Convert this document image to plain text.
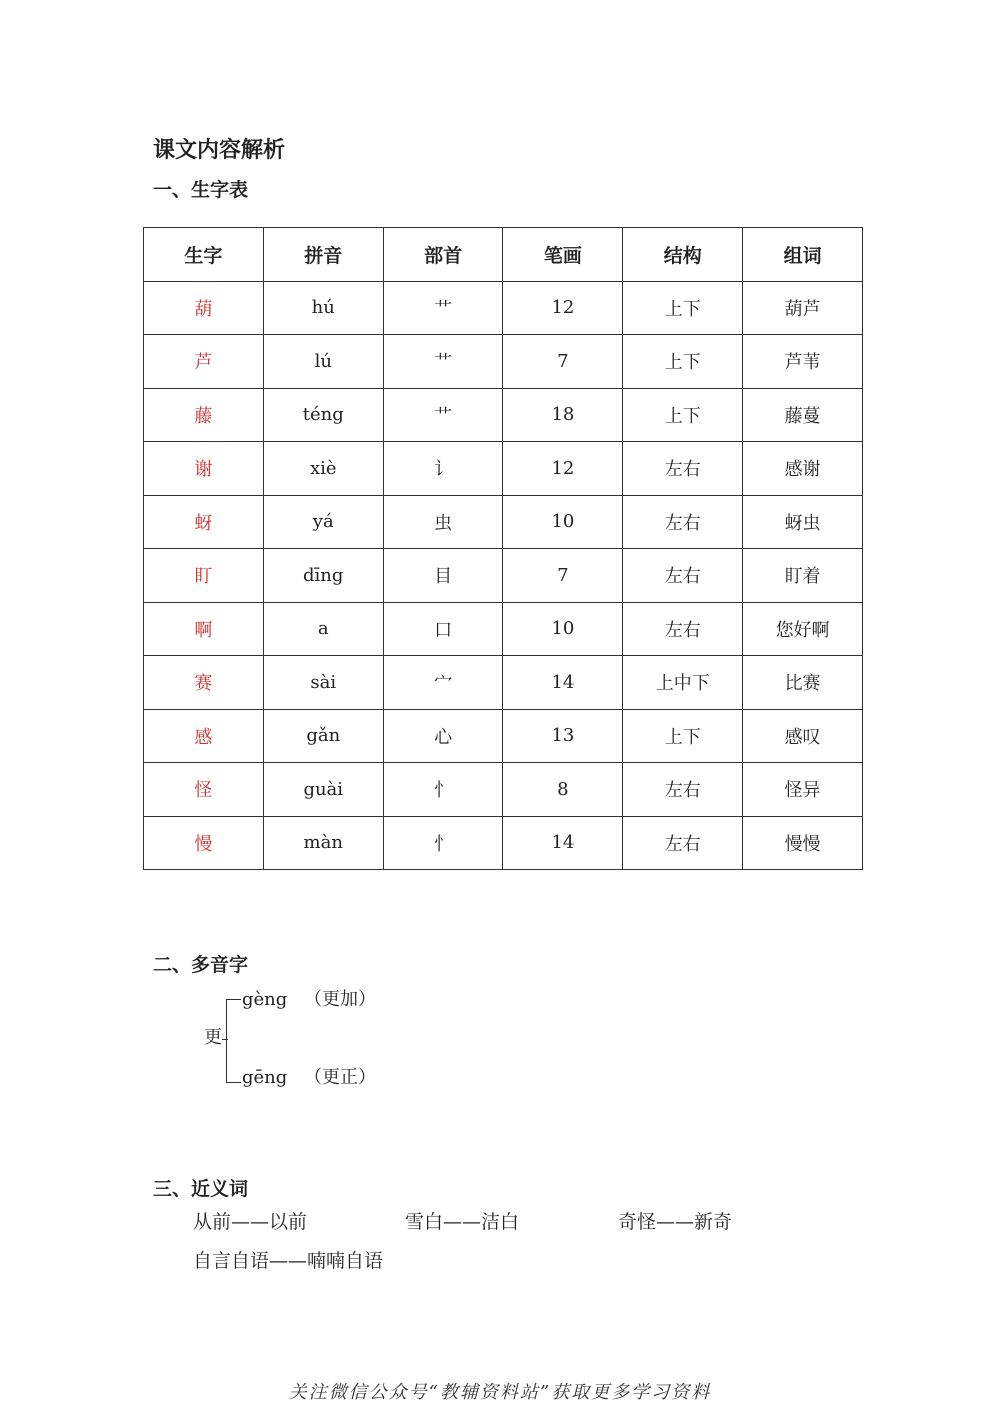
课文内容解析
一、生字表
生字	拼音	部首	笔画	结构	组词
葫	hú	艹	12	上下	葫芦
芦	lú	艹	7	上下	芦苇
藤	téng	艹	18	上下	藤蔓
谢	xiè	讠	12	左右	感谢
蚜	yá	虫	10	左右	蚜虫
盯	dīng	目	7	左右	盯着
啊	a	口	10	左右	您好啊
赛	sài	宀	14	上中下	比赛
感	gǎn	心	13	上下	感叹
怪	guài	忄	8	左右	怪异
慢	màn	忄	14	左右	慢慢
二、多音字
更
gèng （更加）
gēng （更正）
三、近义词
从前——以前	雪白——洁白	奇怪——新奇
自言自语——喃喃自语
关注微信公众号“教辅资料站”获取更多学习资料
